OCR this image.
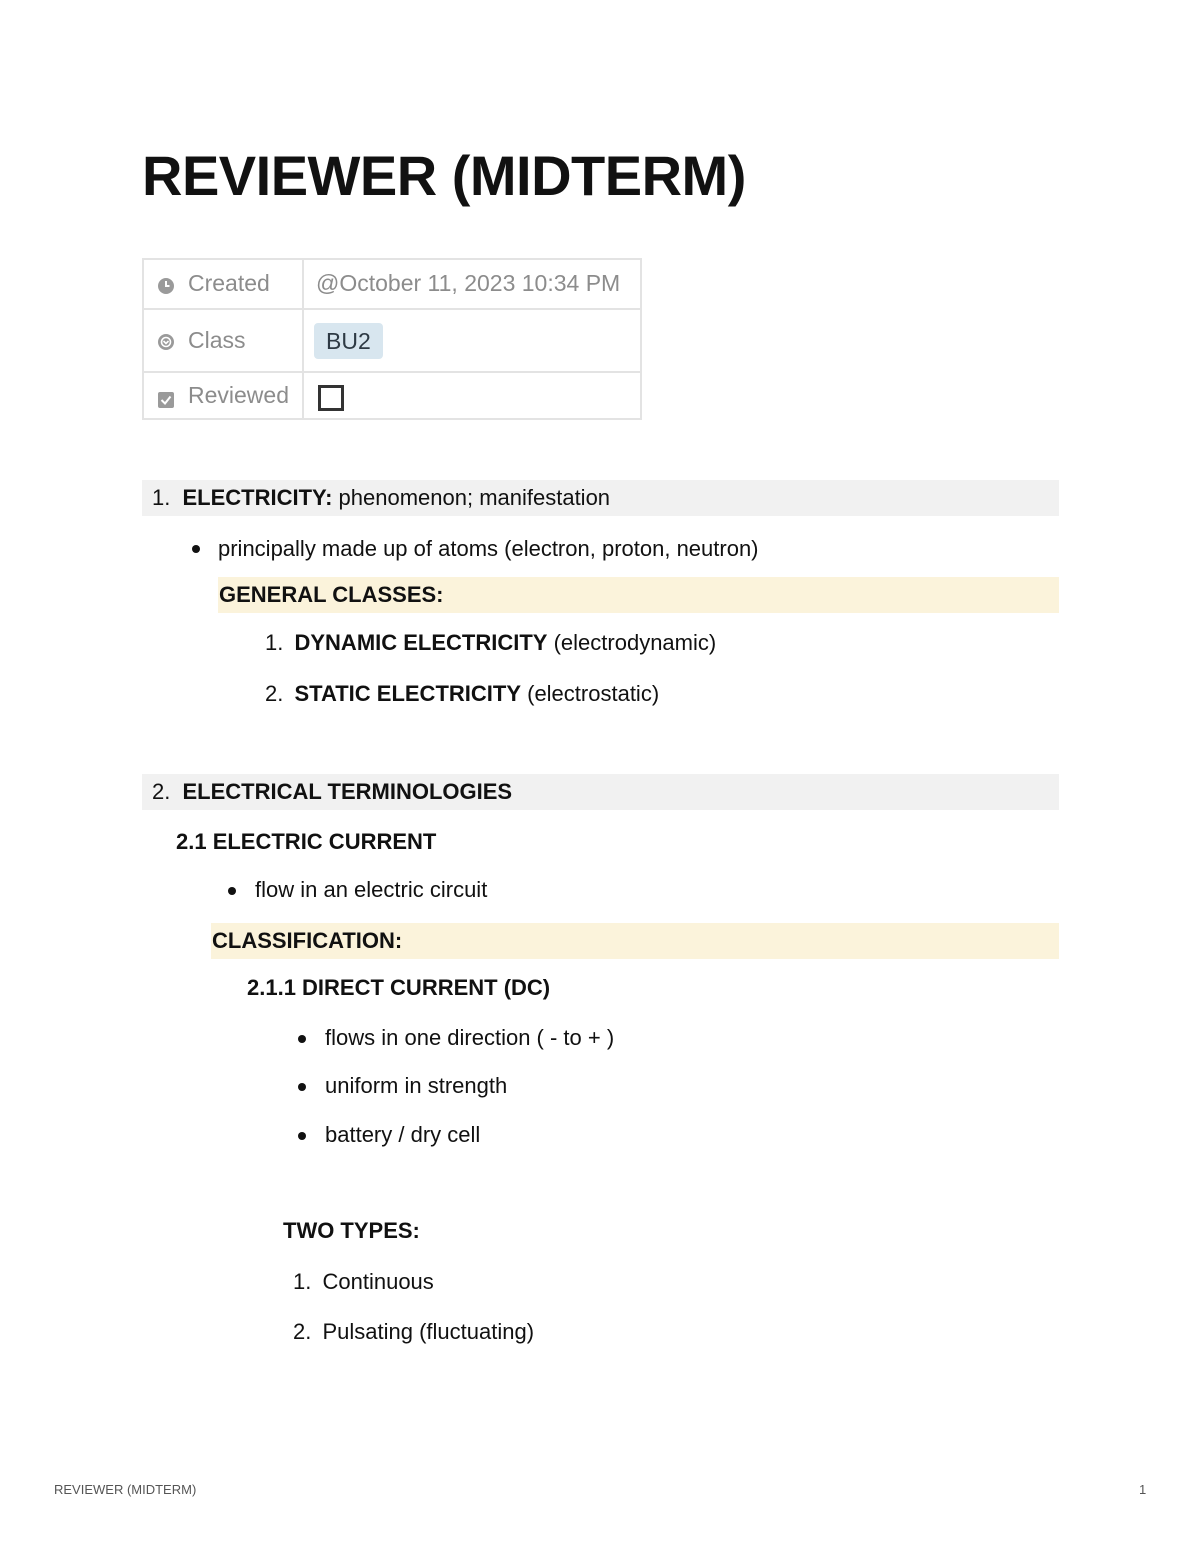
REVIEWER (MIDTERM)
Created @October 11, 2023 10:34 PM
Class	BU2
Reviewed
1. ELECTRICITY: phenomenon; manifestation
principally made up of atoms (electron, proton, neutron)
GENERAL CLASSES:
1. DYNAMIC ELECTRICITY (electrodynamic)
2. STATIC ELECTRICITY (electrostatic)
2. ELECTRICAL TERMINOLOGIES
2.1 ELECTRIC CURRENT
flow in an electric circuit
CLASSIFICATION:
2.1.1 DIRECT CURRENT (DC)
flows in one direction ( - to + )
uniform in strength
battery / dry cell
TWO TYPES:
1. Continuous
2. Pulsating (fluctuating)
REVIEWER (MIDTERM)	1
